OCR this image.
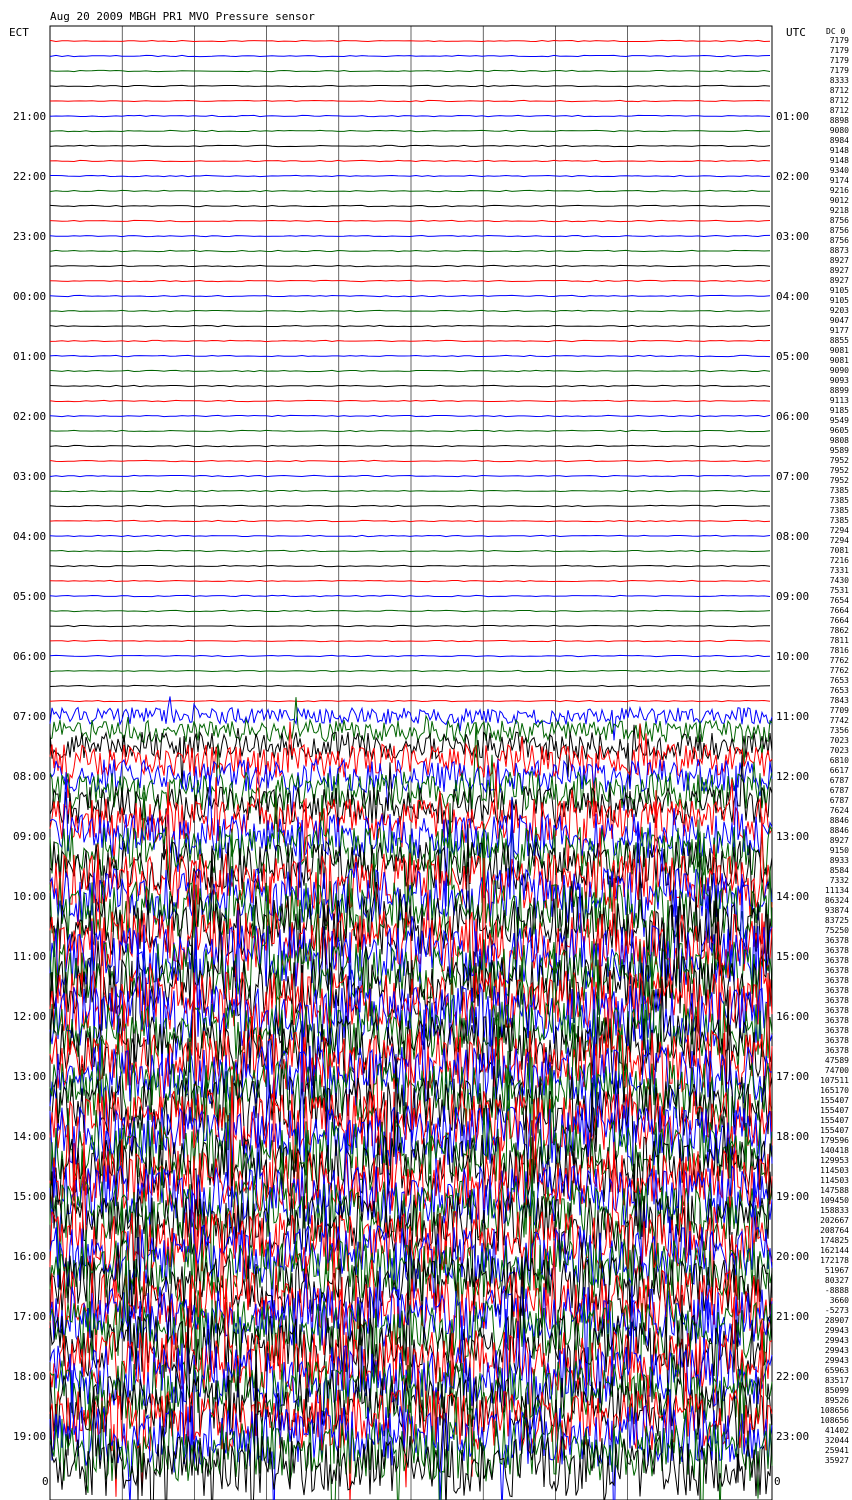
Aug 20 2009 MBGH PR1 MVO Pressure sensor
ECT	UTC	DC 0
21:00
22:00
23:00
00:00
01:00
02:00
03:00
04:00
05:00
06:00
07:00
08:00
09:00
10:00
11:00
12:00
13:00
14:00
15:00
16:00
17:00
18:00
19:00
01:00
02:00
03:00
04:00
05:00
06:00
07:00
08:00
09:00
10:00
11:00
12:00
13:00
14:00
15:00
16:00
17:00
18:00
19:00
20:00
21:00
22:00
23:00
7179
7179
7179
7179
8333
8712
8712
8712
8898
9080
8984
9148
9148
9340
9174
9216
9012
9218
8756
8756
8756
8873
8927
8927
8927
9105
9105
9203
9047
9177
8855
9081
9081
9090
9093
8899
9113
9185
9549
9605
9808
9589
7952
7952
7952
7385
7385
7385
7385
7294
7294
7081
7216
7331
7430
7531
7654
7664
7664
7862
7811
7816
7762
7762
7653
7653
7843
7709
7742
7356
7023
7023
6810
6617
6787
6787
6787
7624
8846
8846
8927
9150
8933
8584
7332
11134
86324
93874
83725
75250
36378
36378
36378
36378
36378
36378
36378
36378
36378
36378
36378
36378
47589
74700
107511
165170
155407
155407
155407
155407
179596
140418
129953
114503
114503
147588
109450
158833
202667
208764
174825
162144
172178
51967
80327
-8888
3660
-5273
28907
29943
29943
29943
29943
65963
83517
85099
89526
108656
108656
41402
32044
25941
35927
0	0
